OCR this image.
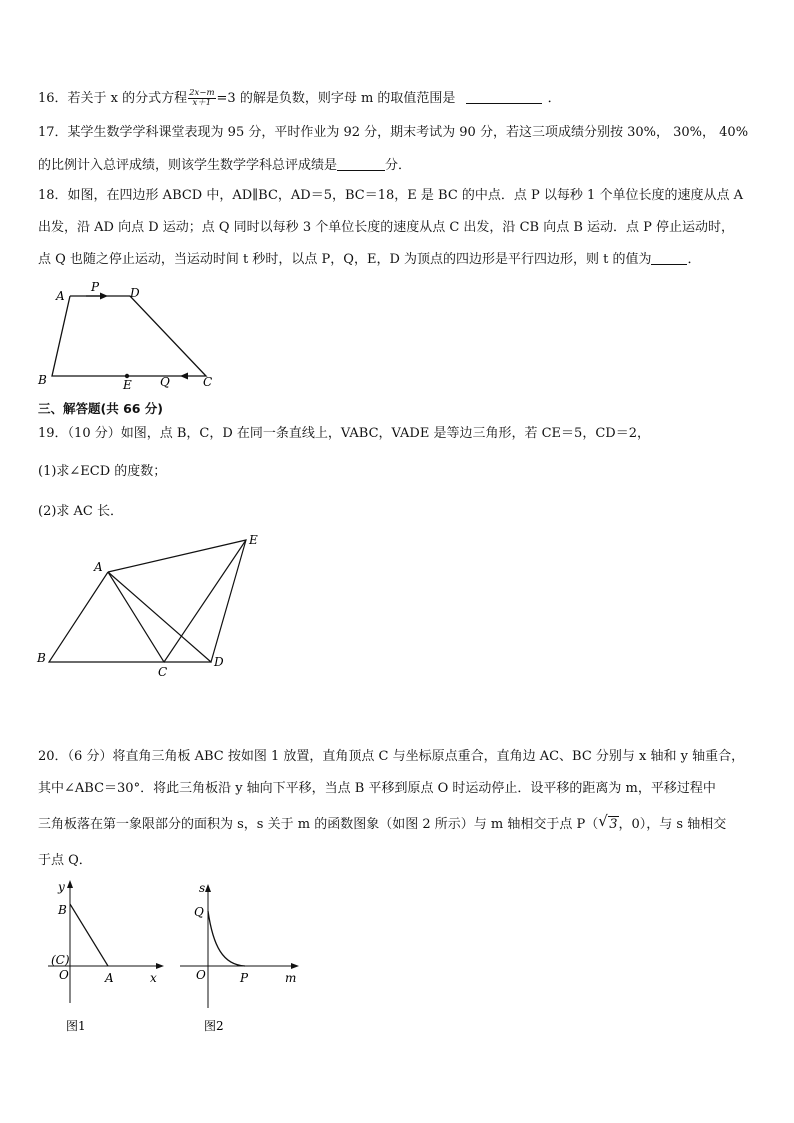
16．若关于 x 的分式方程 $\frac{2x-m}{x+1} =3$ 的解是负数，则字母 m 的取值范围是	．
17．某学生数学学科课堂表现为 95 分，平时作业为 92 分，期末考试为 90 分，若这三项成绩分别按 30%， 30%， 40%
的比例计入总评成绩，则该学生数学学科总评成绩是	分．
18．如图，在四边形 ABCD 中，AD∥BC，AD＝5，BC＝18，E 是 BC 的中点．点 P 以每秒 1 个单位长度的速度从点 A
出发，沿 AD 向点 D 运动；点 Q 同时以每秒 3 个单位长度的速度从点 C 出发，沿 CB 向点 B 运动．点 P 停止运动时，
点 Q 也随之停止运动，当运动时间 t 秒时，以点 P，Q，E，D 为顶点的四边形是平行四边形，则 t 的值为	．
A
P	D
B	E Q	C
三、解答题(共 66 分)
19．（10 分）如图，点 B，C，D 在同一条直线上，VABC，VADE 是等边三角形，若 CE＝5，CD＝2，
(1)求∠ECD 的度数；
(2)求 AC 长．
A
B
C
D
E
20．（6 分）将直角三角板 ABC 按如图 1 放置，直角顶点 C 与坐标原点重合，直角边 AC、BC 分别与 x 轴和 y 轴重合，
其中∠ABC＝30°．将此三角板沿 y 轴向下平移，当点 B 平移到原点 O 时运动停止．设平移的距离为 m，平移过程中
三角板落在第一象限部分的面积为 s，s 关于 m 的函数图象（如图 2 所示）与 m 轴相交于点 P（ √ 3，0），与 s 轴相交
于点 Q．
y
B
(C)
O	A	x
图1
s
Q
O	P	m
图2
